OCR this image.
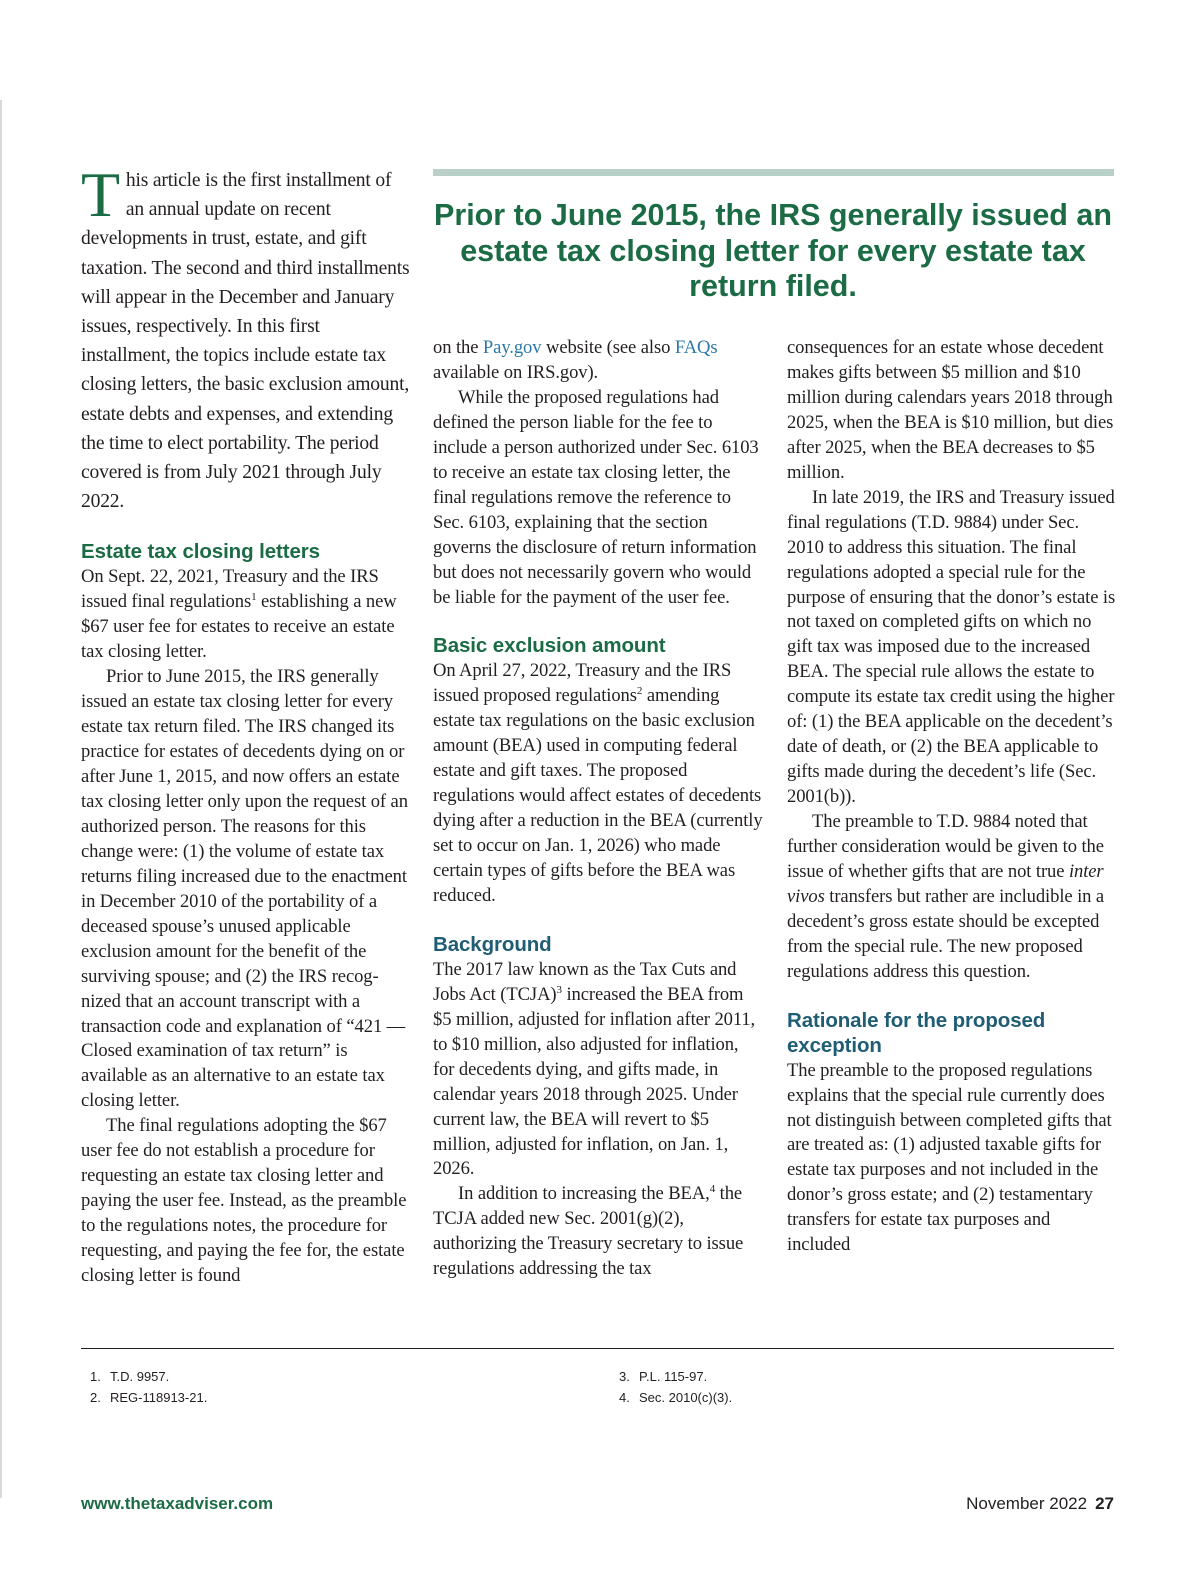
This article is the first installment of an annual update on recent developments in trust, estate, and gift taxation. The second and third installments will appear in the December and January issues, respectively. In this first installment, the topics include estate tax closing letters, the basic exclusion amount, estate debts and expenses, and extending the time to elect portability. The period covered is from July 2021 through July 2022.

Estate tax closing letters

On Sept. 22, 2021, Treasury and the IRS issued final regulations$^1$ establishing a new $67 user fee for estates to receive an estate tax closing letter.

Prior to June 2015, the IRS generally issued an estate tax closing letter for every estate tax return filed. The IRS changed its practice for estates of decedents dying on or after June 1, 2015, and now offers an estate tax closing letter only upon the request of an authorized person. The reasons for this change were: (1) the volume of estate tax returns filing increased due to the enactment in December 2010 of the portability of a deceased spouse’s unused applicable exclusion amount for the benefit of the surviving spouse; and (2) the IRS recognized that an account transcript with a transaction code and explanation of “421 — Closed examination of tax return” is available as an alternative to an estate tax closing letter.

The final regulations adopting the $67 user fee do not establish a procedure for requesting an estate tax closing letter and paying the user fee. Instead, as the preamble to the regulations notes, the procedure for requesting, and paying the fee for, the estate closing letter is found

Prior to June 2015, the IRS generally issued an estate tax closing letter for every estate tax return filed.

on the Pay.gov website (see also FAQs available on IRS.gov).

While the proposed regulations had defined the person liable for the fee to include a person authorized under Sec. 6103 to receive an estate tax closing letter, the final regulations remove the reference to Sec. 6103, explaining that the section governs the disclosure of return information but does not necessarily govern who would be liable for the payment of the user fee.

Basic exclusion amount

On April 27, 2022, Treasury and the IRS issued proposed regulations$^2$ amending estate tax regulations on the basic exclusion amount (BEA) used in computing federal estate and gift taxes. The proposed regulations would affect estates of decedents dying after a reduction in the BEA (currently set to occur on Jan. 1, 2026) who made certain types of gifts before the BEA was reduced.

Background

The 2017 law known as the Tax Cuts and Jobs Act (TCJA)$^3$ increased the BEA from $5 million, adjusted for inflation after 2011, to $10 million, also adjusted for inflation, for decedents dying, and gifts made, in calendar years 2018 through 2025. Under current law, the BEA will revert to $5 million, adjusted for inflation, on Jan. 1, 2026.

In addition to increasing the BEA,$^4$ the TCJA added new Sec. 2001(g)(2), authorizing the Treasury secretary to issue regulations addressing the tax

consequences for an estate whose decedent makes gifts between $5 million and $10 million during calendars years 2018 through 2025, when the BEA is $10 million, but dies after 2025, when the BEA decreases to $5 million.

In late 2019, the IRS and Treasury issued final regulations (T.D. 9884) under Sec. 2010 to address this situation. The final regulations adopted a special rule for the purpose of ensuring that the donor’s estate is not taxed on completed gifts on which no gift tax was imposed due to the increased BEA. The special rule allows the estate to compute its estate tax credit using the higher of: (1) the BEA applicable on the decedent’s date of death, or (2) the BEA applicable to gifts made during the decedent’s life (Sec. 2001(b)).

The preamble to T.D. 9884 noted that further consideration would be given to the issue of whether gifts that are not true inter vivos transfers but rather are includible in a decedent’s gross estate should be excepted from the special rule. The new proposed regulations address this question.

Rationale for the proposed exception

The preamble to the proposed regulations explains that the special rule currently does not distinguish between completed gifts that are treated as: (1) adjusted taxable gifts for estate tax purposes and not included in the donor’s gross estate; and (2) testamentary transfers for estate tax purposes and included

1. T.D. 9957.
2. REG-118913-21.
3. P.L. 115-97.
4. Sec. 2010(c)(3).
www.thetaxadviser.com	November 2022 27
